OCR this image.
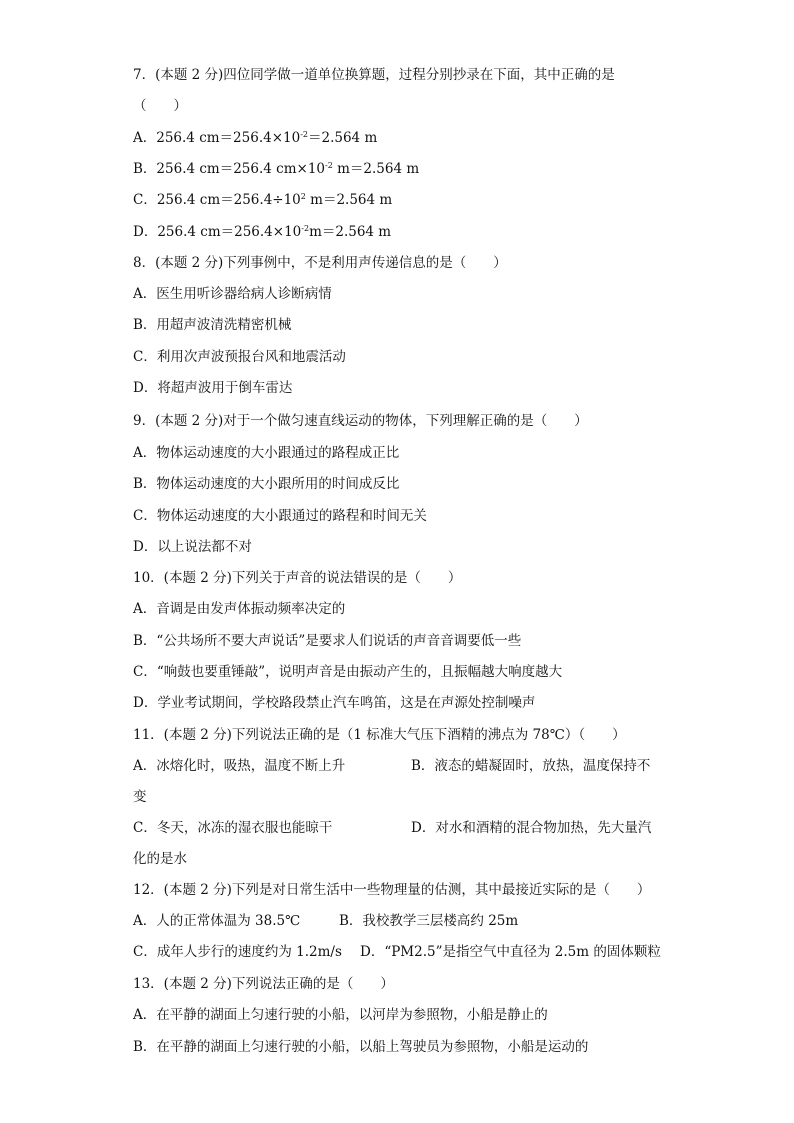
7．(本题 2 分)四位同学做一道单位换算题，过程分别抄录在下面，其中正确的是
（　　）
A．256.4 $cm=256.4\times 10^{-2}=2.564$ m
B．256.4 cm＝256.4 $cm\times 10^{-2}$ m＝2.564 m
C．256.4 $cm=256.4\div 10^2$ m＝2.564 m
D．256.4 $cm=256.4\times 10^{-2}m=2.564$ m
8．(本题 2 分)下列事例中，不是利用声传递信息的是（　　）
A．医生用听诊器给病人诊断病情
B．用超声波清洗精密机械
C．利用次声波预报台风和地震活动
D．将超声波用于倒车雷达
9．(本题 2 分)对于一个做匀速直线运动的物体，下列理解正确的是（　　）
A．物体运动速度的大小跟通过的路程成正比
B．物体运动速度的大小跟所用的时间成反比
C．物体运动速度的大小跟通过的路程和时间无关
D．以上说法都不对
10．(本题 2 分)下列关于声音的说法错误的是（　　）
A．音调是由发声体振动频率决定的
B．“公共场所不要大声说话”是要求人们说话的声音音调要低一些
C．“响鼓也要重锤敲”，说明声音是由振动产生的，且振幅越大响度越大
D．学业考试期间，学校路段禁止汽车鸣笛，这是在声源处控制噪声
11．(本题 2 分)下列说法正确的是（1 标准大气压下酒精的沸点为 78℃）（　　）
A．冰熔化时，吸热，温度不断上升	B．液态的蜡凝固时，放热，温度保持不
变
C．冬天，冰冻的湿衣服也能晾干	D．对水和酒精的混合物加热，先大量汽
化的是水
12．(本题 2 分)下列是对日常生活中一些物理量的估测，其中最接近实际的是（　　）
A．人的正常体温为 38.5℃	B．我校教学三层楼高约 25m
C．成年人步行的速度约为 1.2m/s D．“PM2.5”是指空气中直径为 2.5m 的固体颗粒
13．(本题 2 分)下列说法正确的是（　　）
A．在平静的湖面上匀速行驶的小船，以河岸为参照物，小船是静止的
B．在平静的湖面上匀速行驶的小船，以船上驾驶员为参照物，小船是运动的
